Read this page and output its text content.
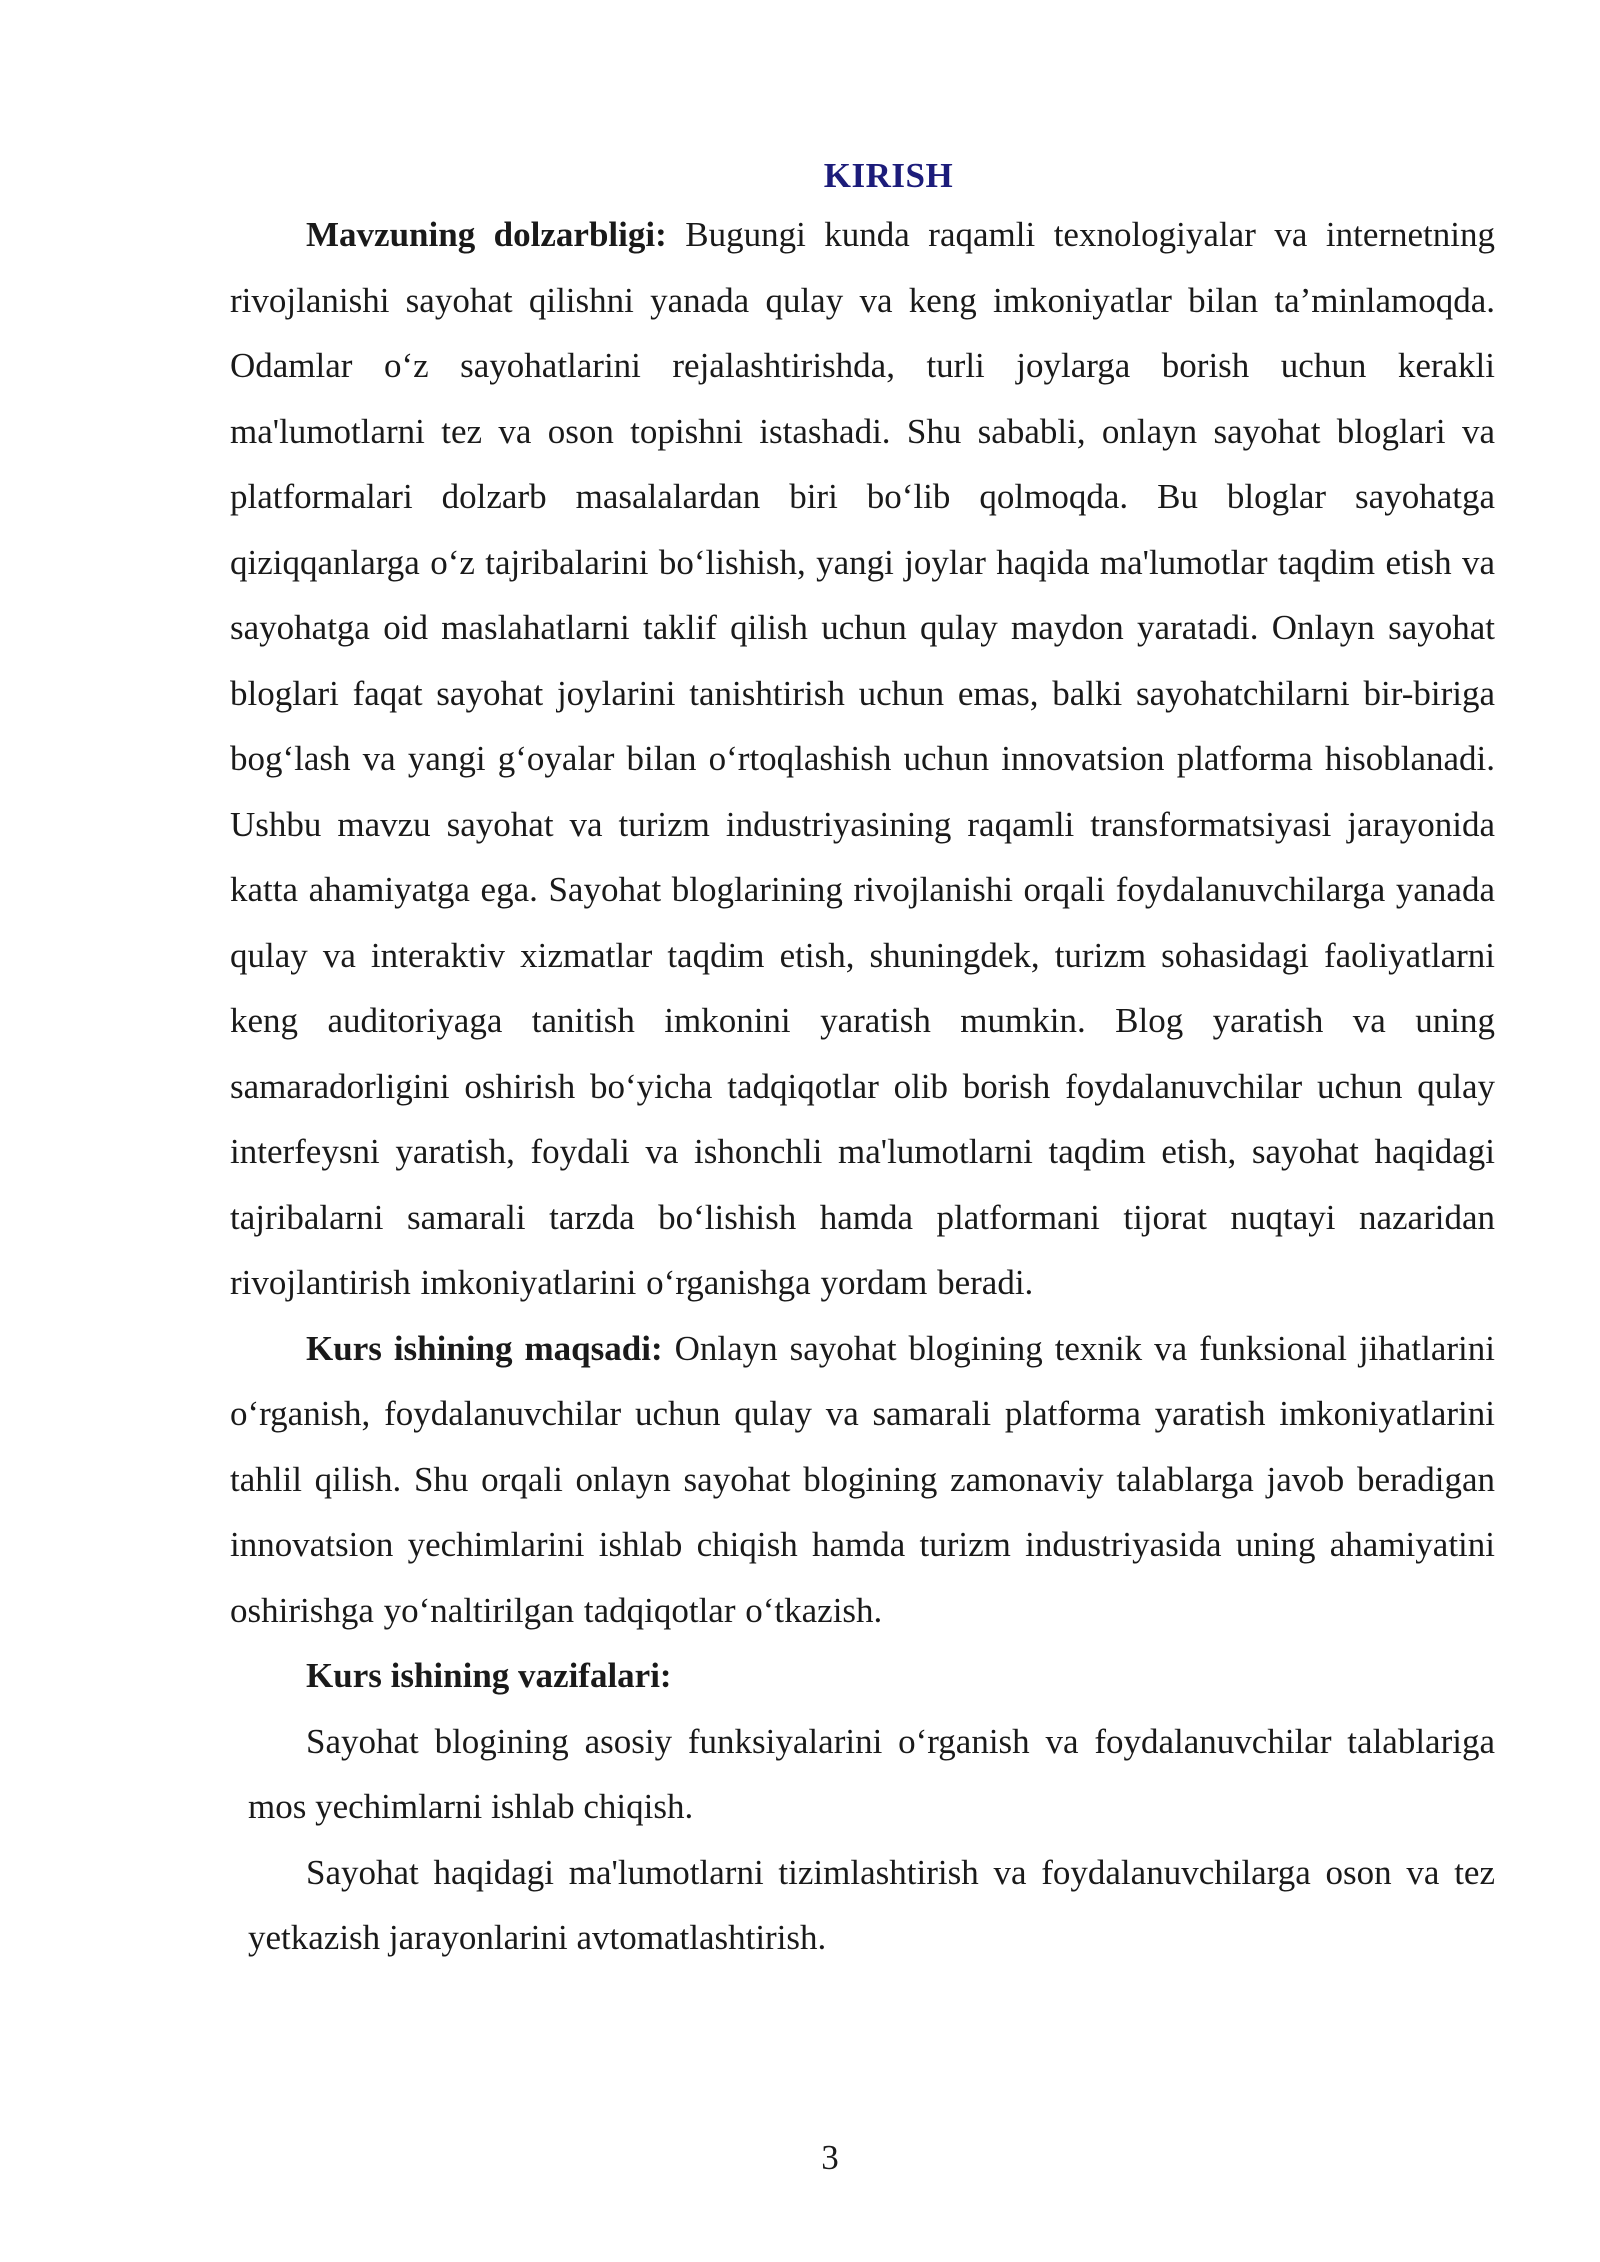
KIRISH

Mavzuning dolzarbligi: Bugungi kunda raqamli texnologiyalar va internetning rivojlanishi sayohat qilishni yanada qulay va keng imkoniyatlar bilan ta’minlamoqda. Odamlar o‘z sayohatlarini rejalashtirishda, turli joylarga borish uchun kerakli ma'lumotlarni tez va oson topishni istashadi. Shu sababli, onlayn sayohat bloglari va platformalari dolzarb masalalardan biri bo‘lib qolmoqda. Bu bloglar sayohatga qiziqqanlarga o‘z tajribalarini bo‘lishish, yangi joylar haqida ma'lumotlar taqdim etish va sayohatga oid maslahatlarni taklif qilish uchun qulay maydon yaratadi. Onlayn sayohat bloglari faqat sayohat joylarini tanishtirish uchun emas, balki sayohatchilarni bir-biriga bog‘lash va yangi g‘oyalar bilan o‘rtoqlashish uchun innovatsion platforma hisoblanadi. Ushbu mavzu sayohat va turizm industriyasining raqamli transformatsiyasi jarayonida katta ahamiyatga ega. Sayohat bloglarining rivojlanishi orqali foydalanuvchilarga yanada qulay va interaktiv xizmatlar taqdim etish, shuningdek, turizm sohasidagi faoliyatlarni keng auditoriyaga tanitish imkonini yaratish mumkin. Blog yaratish va uning samaradorligini oshirish bo‘yicha tadqiqotlar olib borish foydalanuvchilar uchun qulay interfeysni yaratish, foydali va ishonchli ma'lumotlarni taqdim etish, sayohat haqidagi tajribalarni samarali tarzda bo‘lishish hamda platformani tijorat nuqtayi nazaridan rivojlantirish imkoniyatlarini o‘rganishga yordam beradi.

Kurs ishining maqsadi: Onlayn sayohat blogining texnik va funksional jihatlarini o‘rganish, foydalanuvchilar uchun qulay va samarali platforma yaratish imkoniyatlarini tahlil qilish. Shu orqali onlayn sayohat blogining zamonaviy talablarga javob beradigan innovatsion yechimlarini ishlab chiqish hamda turizm industriyasida uning ahamiyatini oshirishga yo‘naltirilgan tadqiqotlar o‘tkazish.

Kurs ishining vazifalari:

Sayohat blogining asosiy funksiyalarini o‘rganish va foydalanuvchilar talablariga mos yechimlarni ishlab chiqish.

Sayohat haqidagi ma'lumotlarni tizimlashtirish va foydalanuvchilarga oson va tez yetkazish jarayonlarini avtomatlashtirish.

3
